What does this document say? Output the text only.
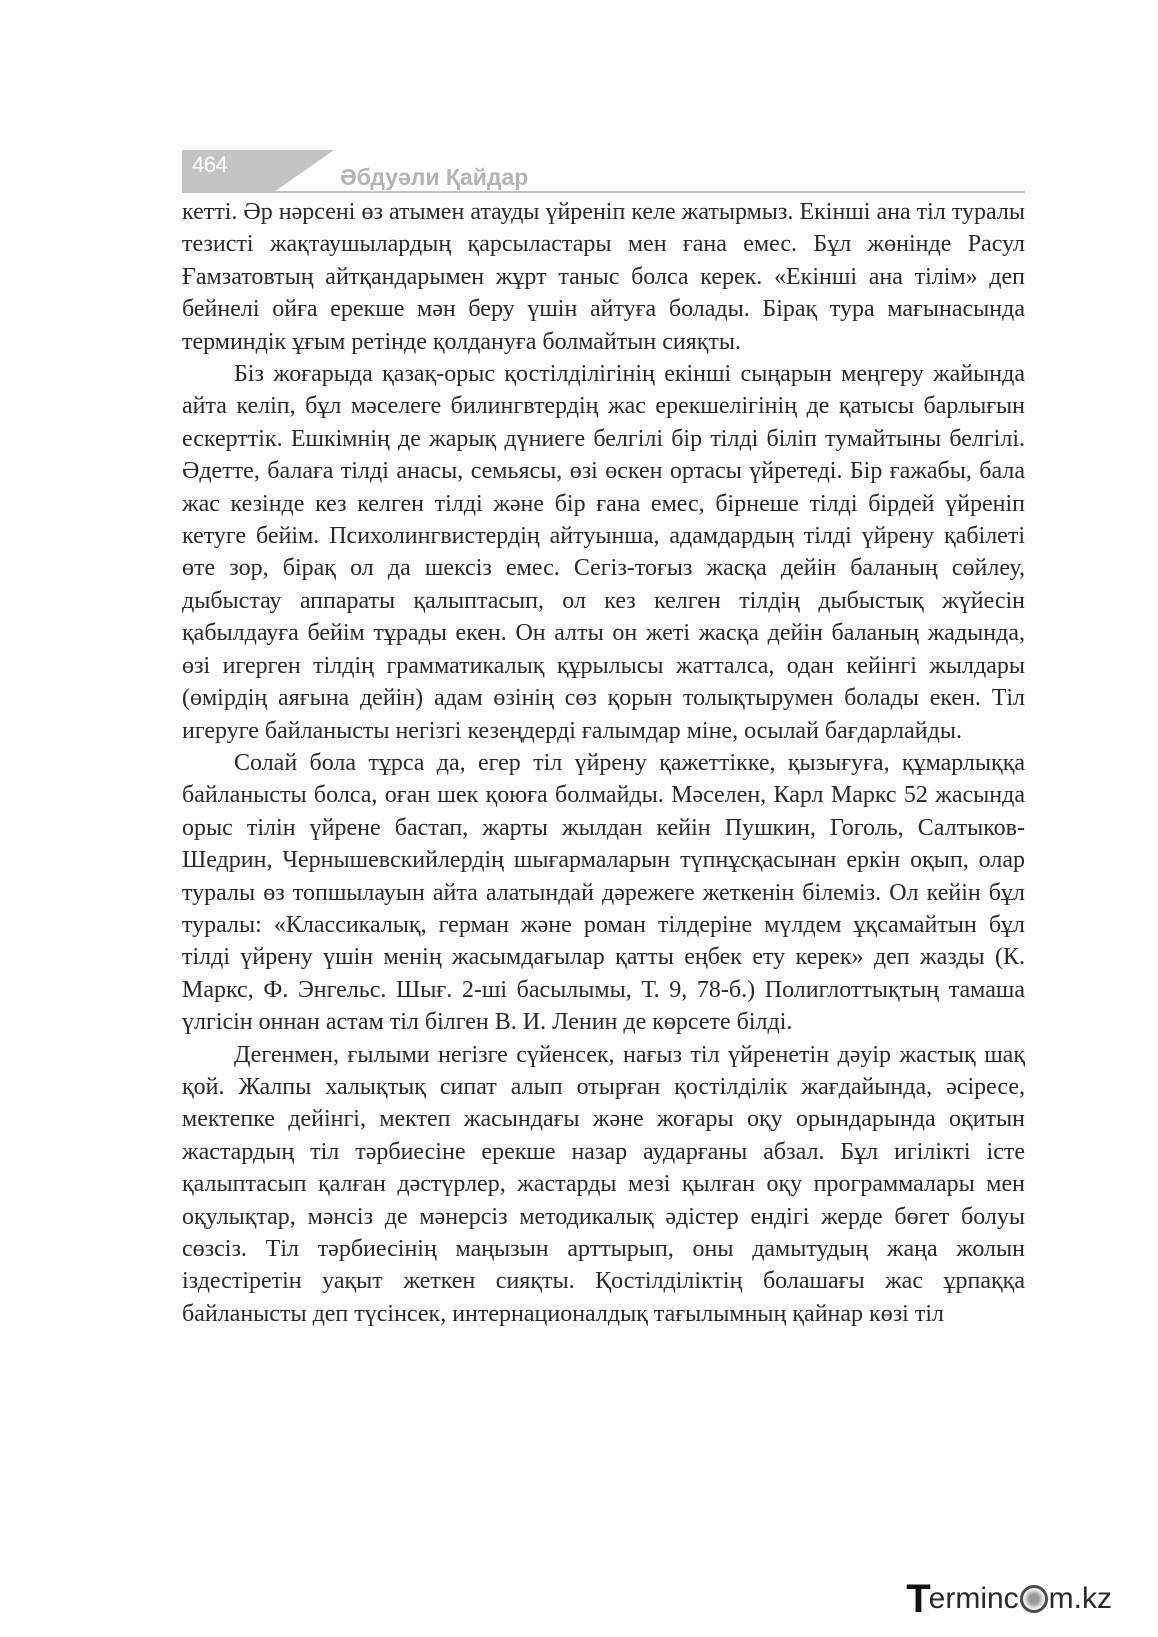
464	Әбдуәли Қайдар

кетті. Әр нәрсені өз атымен атауды үйреніп келе жатырмыз. Екінші ана тіл туралы тезисті жақтаушылардың қарсыластары мен ғана емес. Бұл жөнінде Расул Ғамзатовтың айтқандарымен жұрт таныс болса керек. «Екінші ана тілім» деп бейнелі ойға ерекше мән беру үшін айтуға болады. Бірақ тура мағынасында терминдік ұғым ретінде қолдануға болмайтын сияқты.

Біз жоғарыда қазақ-орыс қостілділігінің екінші сыңарын меңгеру жайында айта келіп, бұл мәселеге билингвтердің жас ерекшелігінің де қатысы барлығын ескерттік. Ешкімнің де жарық дүниеге белгілі бір тілді біліп тумайтыны белгілі. Әдетте, балаға тілді анасы, семьясы, өзі өскен ортасы үйретеді. Бір ғажабы, бала жас кезінде кез келген тілді және бір ғана емес, бірнеше тілді бірдей үйреніп кетуге бейім. Психолингвистердің айтуынша, адамдардың тілді үйрену қабілеті өте зор, бірақ ол да шексіз емес. Сегіз-тоғыз жасқа дейін баланың сөйлеу, дыбыстау аппараты қалыптасып, ол кез келген тілдің дыбыстық жүйесін қабылдауға бейім тұрады екен. Он алты он жеті жасқа дейін баланың жадында, өзі игерген тілдің грамматикалық құрылысы жатталса, одан кейінгі жылдары (өмірдің аяғына дейін) адам өзінің сөз қорын толықтырумен болады екен. Тіл игеруге байланысты негізгі кезеңдерді ғалымдар міне, осылай бағдарлайды.

Солай бола тұрса да, егер тіл үйрену қажеттікке, қызығуға, құмарлыққа байланысты болса, оған шек қоюға болмайды. Мәселен, Карл Маркс 52 жасында орыс тілін үйрене бастап, жарты жылдан кейін Пушкин, Гоголь, Салтыков-Шедрин, Чернышевскийлердің шығармаларын түпнұсқасынан еркін оқып, олар туралы өз топшылауын айта алатындай дәрежеге жеткенін білеміз. Ол кейін бұл туралы: «Классикалық, герман және роман тілдеріне мүлдем ұқсамайтын бұл тілді үйрену үшін менің жасымдағылар қатты еңбек ету керек» деп жазды (К. Маркс, Ф. Энгельс. Шығ. 2-ші басылымы, Т. 9, 78-б.) Полиглоттықтың тамаша үлгісін оннан астам тіл білген В. И. Ленин де көрсете білді.

Дегенмен, ғылыми негізге сүйенсек, нағыз тіл үйренетін дәуір жастық шақ қой. Жалпы халықтық сипат алып отырған қостілділік жағдайында, әсіресе, мектепке дейінгі, мектеп жасындағы және жоғары оқу орындарында оқитын жастардың тіл тәрбиесіне ерекше назар аударғаны абзал. Бұл игілікті істе қалыптасып қалған дәстүрлер, жастарды мезі қылған оқу программалары мен оқулықтар, мәнсіз де мәнерсіз методикалық әдістер ендігі жерде бөгет болуы сөзсіз. Тіл тәрбиесінің маңызын арттырып, оны дамытудың жаңа жолын іздестіретін уақыт жеткен сияқты. Қостілділіктің болашағы жас ұрпаққа байланысты деп түсінсек, интернационалдық тағылымның қайнар көзі тіл

T
erminc m.kz
